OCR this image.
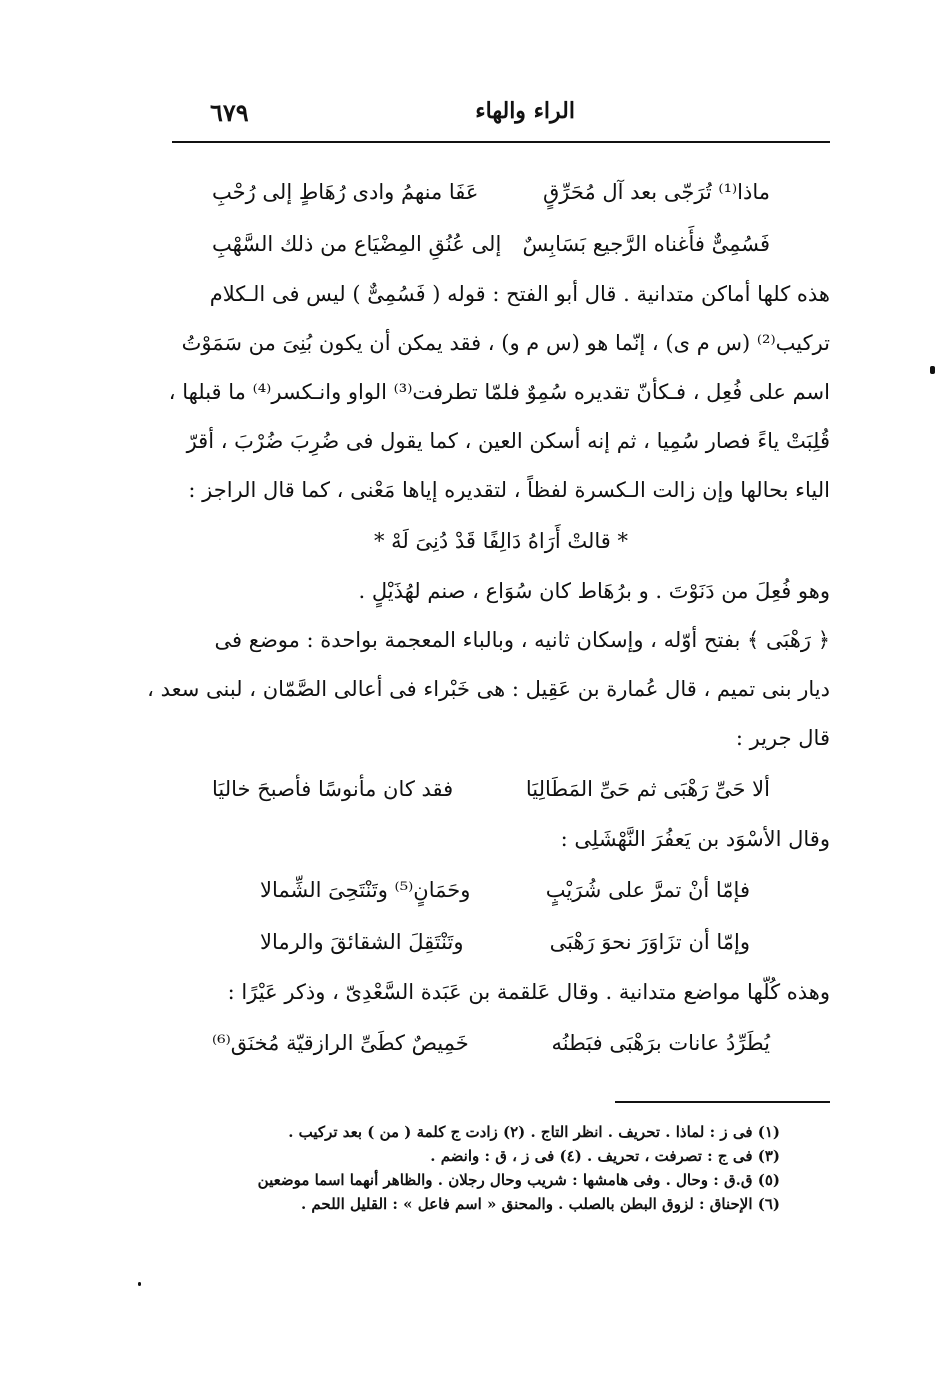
الراء والهاء
٦٧٩
ماذا⁽¹⁾ تُرَجّى بعد آل مُحَرِّقٍ
عَفَا منهمُ وادى رُهَاطٍ إلى رُحْبِ
فَسُمِىٌّ فأَغناه الرَّجيع بَسَابِسٌ
إلى عُنُقِ المِضْيَاع من ذلك السَّهْبِ

هذه كلها أماكن متدانية . قال أبو الفتح : قوله ( فَسُمِىٌّ ) ليس فى الـكلام

تركيب⁽²⁾ (س م ى) ، إنّما هو (س م و) ، فقد يمكن أن يكون بُنِىَ من سَمَوْتُ

اسم على فُعِل ، فـكأنّ تقديره سُمِوٌ فلمّا تطرفت⁽³⁾ الواو وانـكسر⁽⁴⁾ ما قبلها ،

قُلِبَتْ ياءً فصار سُمِيا ، ثم إنه أسكن العين ، كما يقول فى ضُرِبَ ضُرْبَ ، أقرّ

الياء بحالها وإن زالت الـكسرة لفظاً ، لتقديره إياها مَعْنى ، كما قال الراجز :

* قالتْ أَرَاهُ دَالِفًا قَدْ دُنِىَ لَهْ *

وهو فُعِلَ من دَنَوْتَ . و برُهَاط كان سُوَاع ، صنم لهُذَيْلٍ .

﴿ رَهْبَى ﴾ بفتح أوّله ، وإسكان ثانيه ، وبالباء المعجمة بواحدة : موضع فى

ديار بنى تميم ، قال عُمارة بن عَقِيل : هى خَبْراء فى أعالى الصَّمّان ، لبنى سعد ،

قال جرير :

ألا حَىِّ رَهْبَى ثم حَىِّ المَطَالِيَا
فقد كان مأنوسًا فأصبحَ خاليَا

وقال الأسْوَد بن يَعفُرَ النَّهْشَلِى :

فإمّا أنْ تمرَّ على شُرَيْبٍ
وحَمَانٍ⁽⁵⁾ وتَنْتَحِىَ الشِّمالا
وإمّا أن تزَاوَرَ نحوَ رَهْبَى
وتَنْتَقِلَ الشقائقَ والرمالا

وهذه كُلّها مواضع متدانية . وقال عَلقمة بن عَبَدة السَّعْدِىّ ، وذكر عَيْرًا :

يُطَرِّدُ عانات برَهْبَى فبَطنُه
خَمِيصٌ كطَىِّ الرازقيّة مُخنَق⁽⁶⁾

(١) فى ز : لماذا . تحريف . انظر التاج . (٢) زادت ج كلمة ( من ) بعد تركيب .

(٣) فى ج : تصرفت ، تحريف . (٤) فى ز ، ق : وانضم .

(٥) ق.ق : وحال . وفى هامشها : شريب وحال رجلان . والظاهر أنهما اسما موضعين

(٦) الإحناق : لزوق البطن بالصلب . والمحنق « اسم فاعل » : القليل اللحم .
